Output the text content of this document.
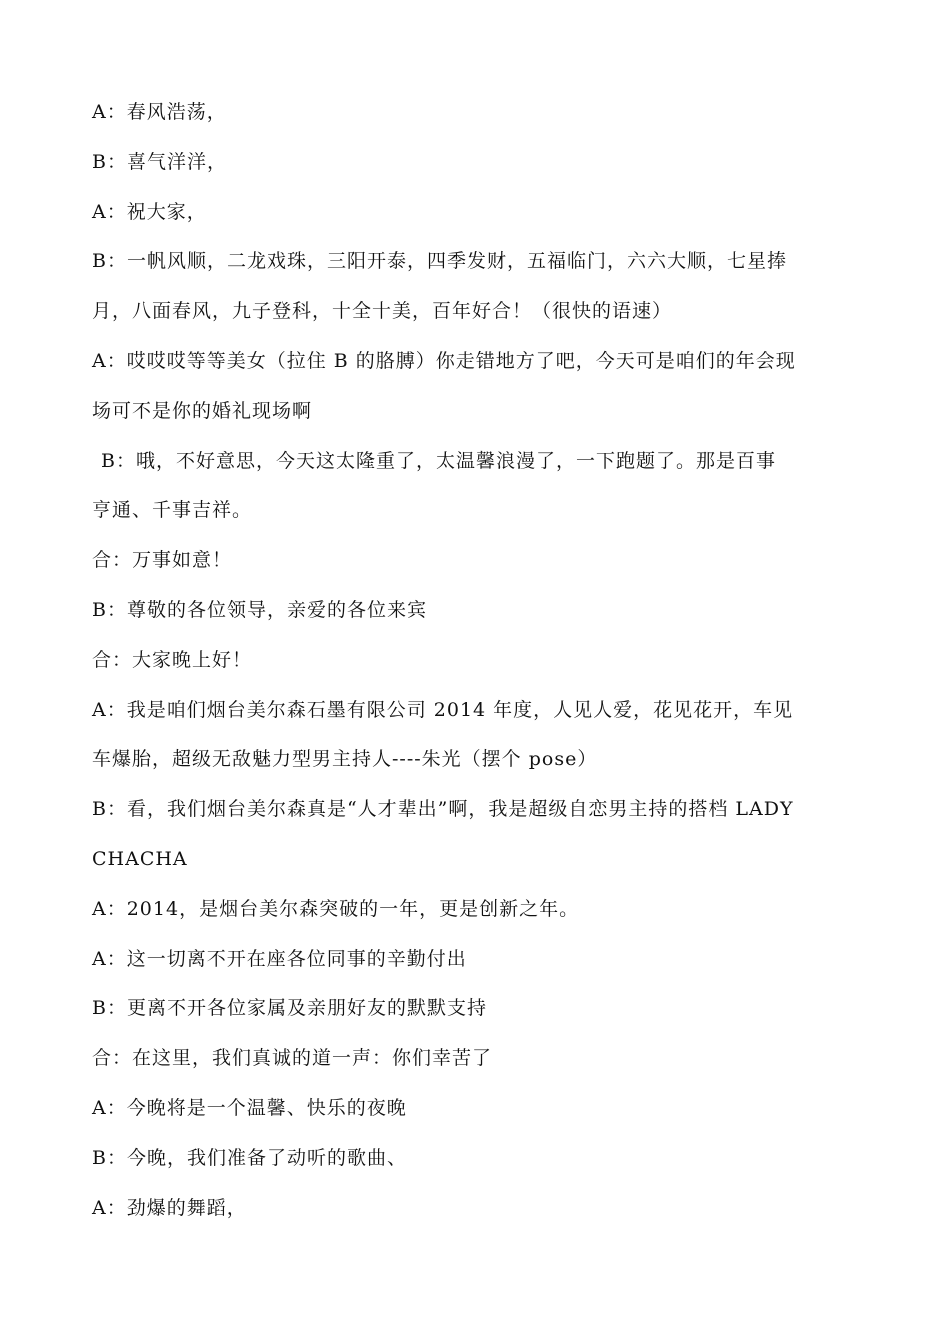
A：春风浩荡，
B：喜气洋洋，
A：祝大家，
B：一帆风顺，二龙戏珠，三阳开泰，四季发财，五福临门，六六大顺，七星捧
月，八面春风，九子登科，十全十美，百年好合！（很快的语速）
A：哎哎哎等等美女（拉住 B 的胳膊）你走错地方了吧，今天可是咱们的年会现
场可不是你的婚礼现场啊
B：哦，不好意思，今天这太隆重了，太温馨浪漫了，一下跑题了。那是百事
亨通、千事吉祥。
合：万事如意！
B：尊敬的各位领导，亲爱的各位来宾
合：大家晚上好！
A：我是咱们烟台美尔森石墨有限公司 2014 年度，人见人爱，花见花开，车见
车爆胎，超级无敌魅力型男主持人----朱光（摆个 pose）
B：看，我们烟台美尔森真是“人才辈出”啊，我是超级自恋男主持的搭档 LADY
CHACHA
A：2014，是烟台美尔森突破的一年，更是创新之年。
A：这一切离不开在座各位同事的辛勤付出
B：更离不开各位家属及亲朋好友的默默支持
合：在这里，我们真诚的道一声：你们幸苦了
A：今晚将是一个温馨、快乐的夜晚
B：今晚，我们准备了动听的歌曲、
A：劲爆的舞蹈，
